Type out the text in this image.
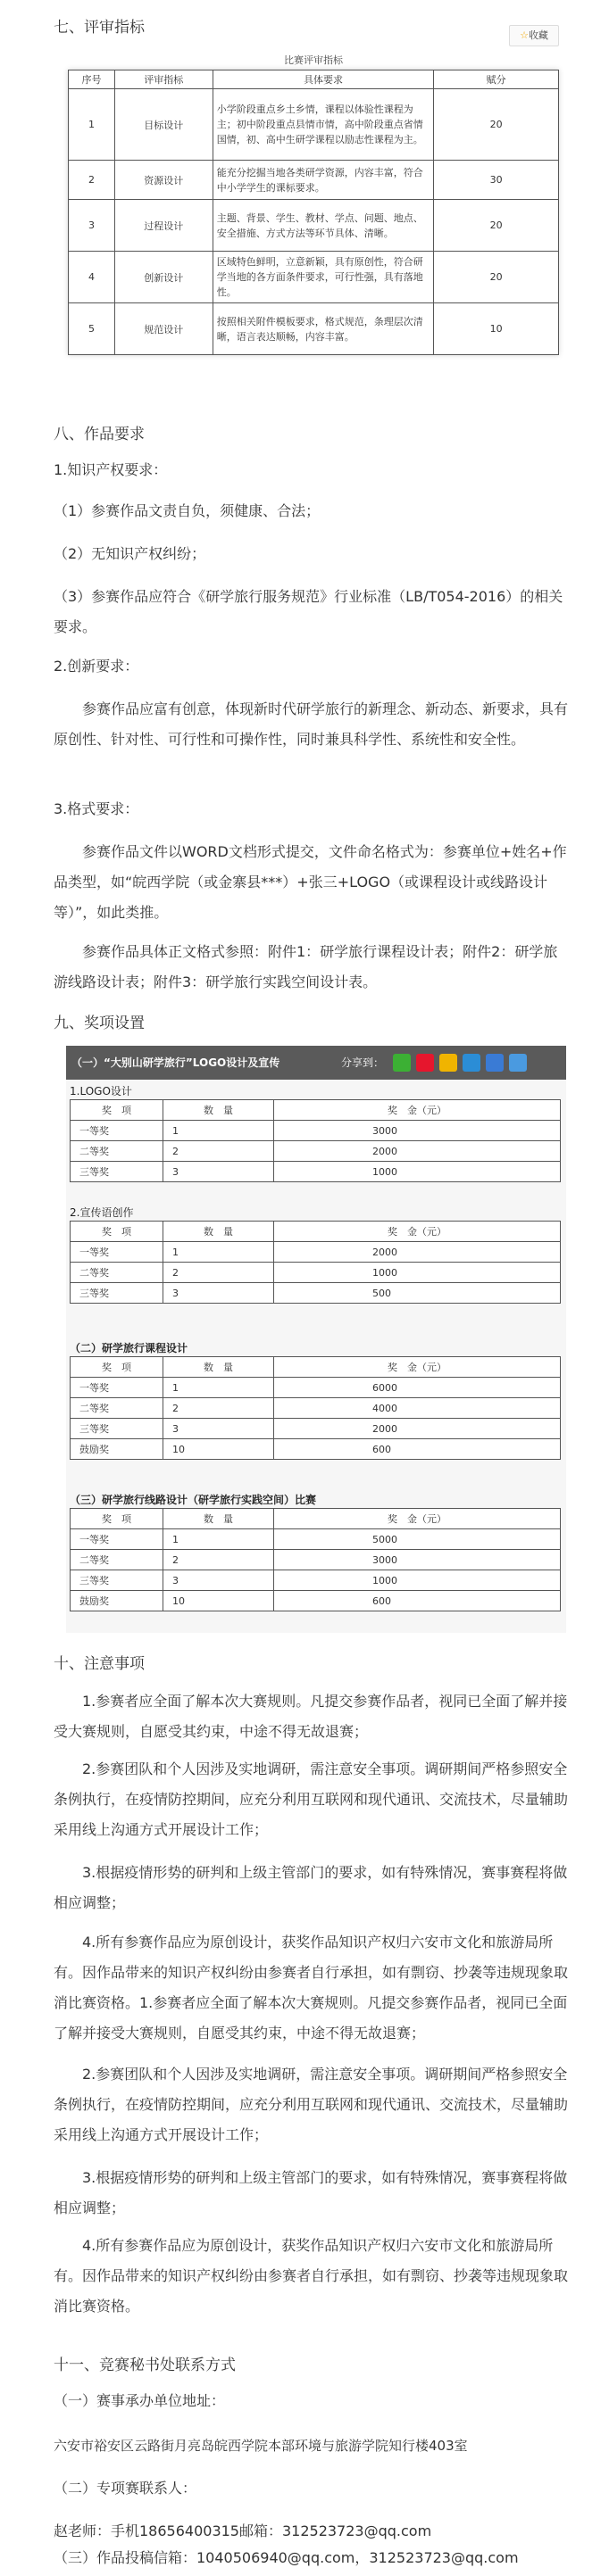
七、评审指标	☆收藏
比赛评审指标
序号	评审指标	具体要求	赋分
1	目标设计	小学阶段重点乡土乡情，课程以体验性课程为主；初中阶段重点县情市情，高中阶段重点省情国情，初、高中生研学课程以励志性课程为主。	20
2	资源设计	能充分挖掘当地各类研学资源，内容丰富，符合中小学学生的课标要求。	30
3	过程设计	主题、背景、学生、教材、学点、问题、地点、安全措施、方式方法等环节具体、清晰。	20
4	创新设计	区域特色鲜明，立意新颖，具有原创性，符合研学当地的各方面条件要求，可行性强，具有落地性。	20
5	规范设计	按照相关附件模板要求，格式规范，条理层次清晰，语言表达顺畅，内容丰富。	10
八、作品要求
1.知识产权要求：
（1）参赛作品文责自负，须健康、合法；
（2）无知识产权纠纷；
（3）参赛作品应符合《研学旅行服务规范》行业标准（LB/T054-2016）的相关要求。
2.创新要求：
参赛作品应富有创意，体现新时代研学旅行的新理念、新动态、新要求，具有原创性、针对性、可行性和可操作性，同时兼具科学性、系统性和安全性。
3.格式要求：
参赛作品文件以WORD文档形式提交，文件命名格式为：参赛单位+姓名+作品类型，如“皖西学院（或金寨县***）+张三+LOGO（或课程设计或线路设计等）”，如此类推。
参赛作品具体正文格式参照：附件1：研学旅行课程设计表；附件2：研学旅游线路设计表；附件3：研学旅行实践空间设计表。
九、奖项设置
（一）“大别山研学旅行”LOGO设计及宣传	分享到：
1.LOGO设计
奖　项	数　量	奖　金（元）
一等奖	1	3000
二等奖	2	2000
三等奖	3	1000
2.宣传语创作
奖　项	数　量	奖　金（元）
一等奖	1	2000
二等奖	2	1000
三等奖	3	500
（二）研学旅行课程设计
奖　项	数　量	奖　金（元）
一等奖	1	6000
二等奖	2	4000
三等奖	3	2000
鼓励奖	10	600
（三）研学旅行线路设计（研学旅行实践空间）比赛
奖　项	数　量	奖　金（元）
一等奖	1	5000
二等奖	2	3000
三等奖	3	1000
鼓励奖	10	600
十、注意事项
1.参赛者应全面了解本次大赛规则。凡提交参赛作品者，视同已全面了解并接受大赛规则，自愿受其约束，中途不得无故退赛；
2.参赛团队和个人因涉及实地调研，需注意安全事项。调研期间严格参照安全条例执行，在疫情防控期间，应充分利用互联网和现代通讯、交流技术，尽量辅助采用线上沟通方式开展设计工作；
3.根据疫情形势的研判和上级主管部门的要求，如有特殊情况，赛事赛程将做相应调整；
4.所有参赛作品应为原创设计，获奖作品知识产权归六安市文化和旅游局所有。因作品带来的知识产权纠纷由参赛者自行承担，如有剽窃、抄袭等违规现象取消比赛资格。1.参赛者应全面了解本次大赛规则。凡提交参赛作品者，视同已全面了解并接受大赛规则，自愿受其约束，中途不得无故退赛；
2.参赛团队和个人因涉及实地调研，需注意安全事项。调研期间严格参照安全条例执行，在疫情防控期间，应充分利用互联网和现代通讯、交流技术，尽量辅助采用线上沟通方式开展设计工作；
3.根据疫情形势的研判和上级主管部门的要求，如有特殊情况，赛事赛程将做相应调整；
4.所有参赛作品应为原创设计，获奖作品知识产权归六安市文化和旅游局所有。因作品带来的知识产权纠纷由参赛者自行承担，如有剽窃、抄袭等违规现象取消比赛资格。
十一、竞赛秘书处联系方式
（一）赛事承办单位地址：
六安市裕安区云路街月亮岛皖西学院本部环境与旅游学院知行楼403室
（二）专项赛联系人：
赵老师：手机18656400315邮箱：312523723@qq.com
（三）作品投稿信箱：1040506940@qq.com，312523723@qq.com
